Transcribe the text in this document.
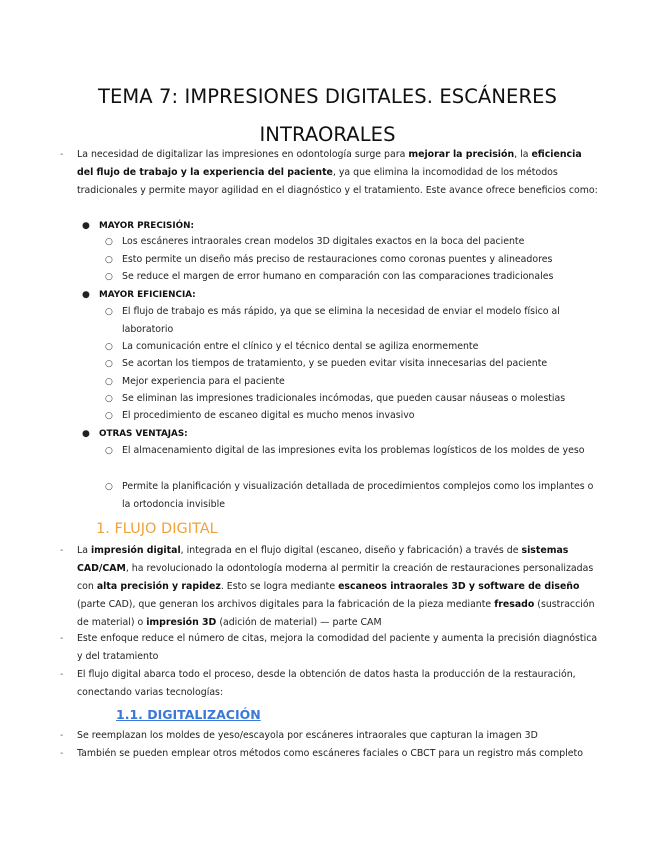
TEMA 7: IMPRESIONES DIGITALES. ESCÁNERES INTRAORALES
- La necesidad de digitalizar las impresiones en odontología surge para mejorar la precisión, la eficiencia del flujo de trabajo y la experiencia del paciente, ya que elimina la incomodidad de los métodos tradicionales y permite mayor agilidad en el diagnóstico y el tratamiento. Este avance ofrece beneficios como:
● MAYOR PRECISIÓN:
○ Los escáneres intraorales crean modelos 3D digitales exactos en la boca del paciente
○ Esto permite un diseño más preciso de restauraciones como coronas puentes y alineadores
○ Se reduce el margen de error humano en comparación con las comparaciones tradicionales
● MAYOR EFICIENCIA:
○ El flujo de trabajo es más rápido, ya que se elimina la necesidad de enviar el modelo físico al laboratorio
○ La comunicación entre el clínico y el técnico dental se agiliza enormemente
○ Se acortan los tiempos de tratamiento, y se pueden evitar visita innecesarias del paciente
○ Mejor experiencia para el paciente
○ Se eliminan las impresiones tradicionales incómodas, que pueden causar náuseas o molestias
○ El procedimiento de escaneo digital es mucho menos invasivo
● OTRAS VENTAJAS:
○ El almacenamiento digital de las impresiones evita los problemas logísticos de los moldes de yeso
○ Permite la planificación y visualización detallada de procedimientos complejos como los implantes o la ortodoncia invisible
1. FLUJO DIGITAL
- La impresión digital, integrada en el flujo digital (escaneo, diseño y fabricación) a través de sistemas CAD/CAM, ha revolucionado la odontología moderna al permitir la creación de restauraciones personalizadas con alta precisión y rapidez. Esto se logra mediante escaneos intraorales 3D y software de diseño (parte CAD), que generan los archivos digitales para la fabricación de la pieza mediante fresado (sustracción de material) o impresión 3D (adición de material) — parte CAM
- Este enfoque reduce el número de citas, mejora la comodidad del paciente y aumenta la precisión diagnóstica y del tratamiento
- El flujo digital abarca todo el proceso, desde la obtención de datos hasta la producción de la restauración, conectando varias tecnologías:
1.1. DIGITALIZACIÓN
- Se reemplazan los moldes de yeso/escayola por escáneres intraorales que capturan la imagen 3D
- También se pueden emplear otros métodos como escáneres faciales o CBCT para un registro más completo
